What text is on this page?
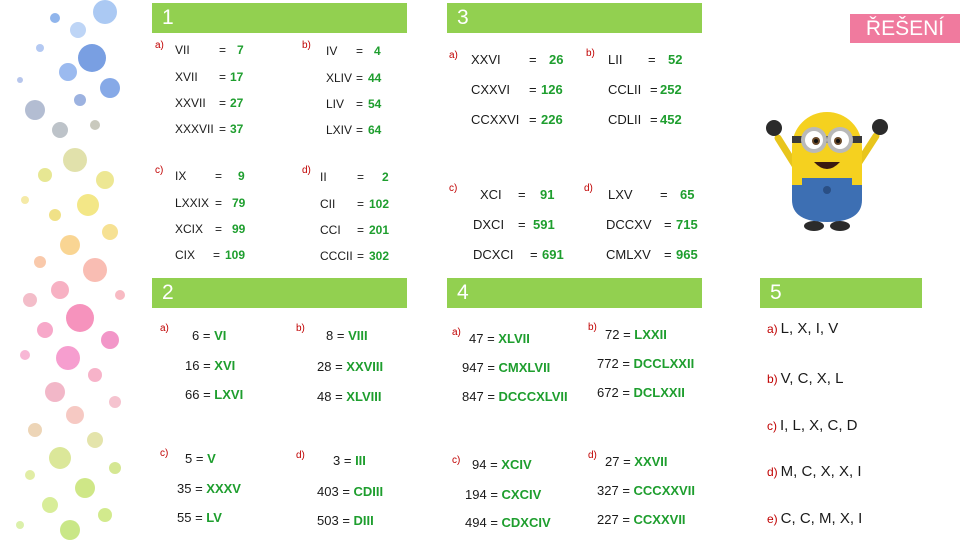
1	3
2	4	5
ŘEŠENÍ
a)	b)
c)	d)
VII = 7
XVII = 17
XXVII = 27
XXXVII = 37
IV = 4
XLIV = 44
LIV = 54
LXIV = 64
IX = 9
LXXIX = 79
XCIX = 99
CIX = 109
II	= 2
CII = 102
CCI = 201
CCCII = 302
a)	b)
c)	d)
XXVI = 26
CXXVI = 126
CCXXVI = 226
LII = 52
CCLII = 252
CDLII = 452
XCI = 91
DXCI = 591
DCXCI = 691
LXV = 65
DCCXV = 715
CMLXV = 965
a)	b)
c)	d)
6 = VI
16 = XVI
66 = LXVI
8 = VIII
28 = XXVIII
48 = XLVIII
5 = V
35 = XXXV
55 = LV
3 = III
403 = CDIII
503 = DIII
a)	b)
c)	d)
47 = XLVII
947 = CMXLVII
847 = DCCCXLVII
72 = LXXII
772 = DCCLXXII
672 = DCLXXII
94 = XCIV
194 = CXCIV
494 = CDXCIV
27 = XXVII
327 = CCCXXVII
227 = CCXXVII
a) L, X, I, V
b) V, C, X, L
c) I, L, X, C, D
d) M, C, X, X, I
e) C, C, M, X, I
